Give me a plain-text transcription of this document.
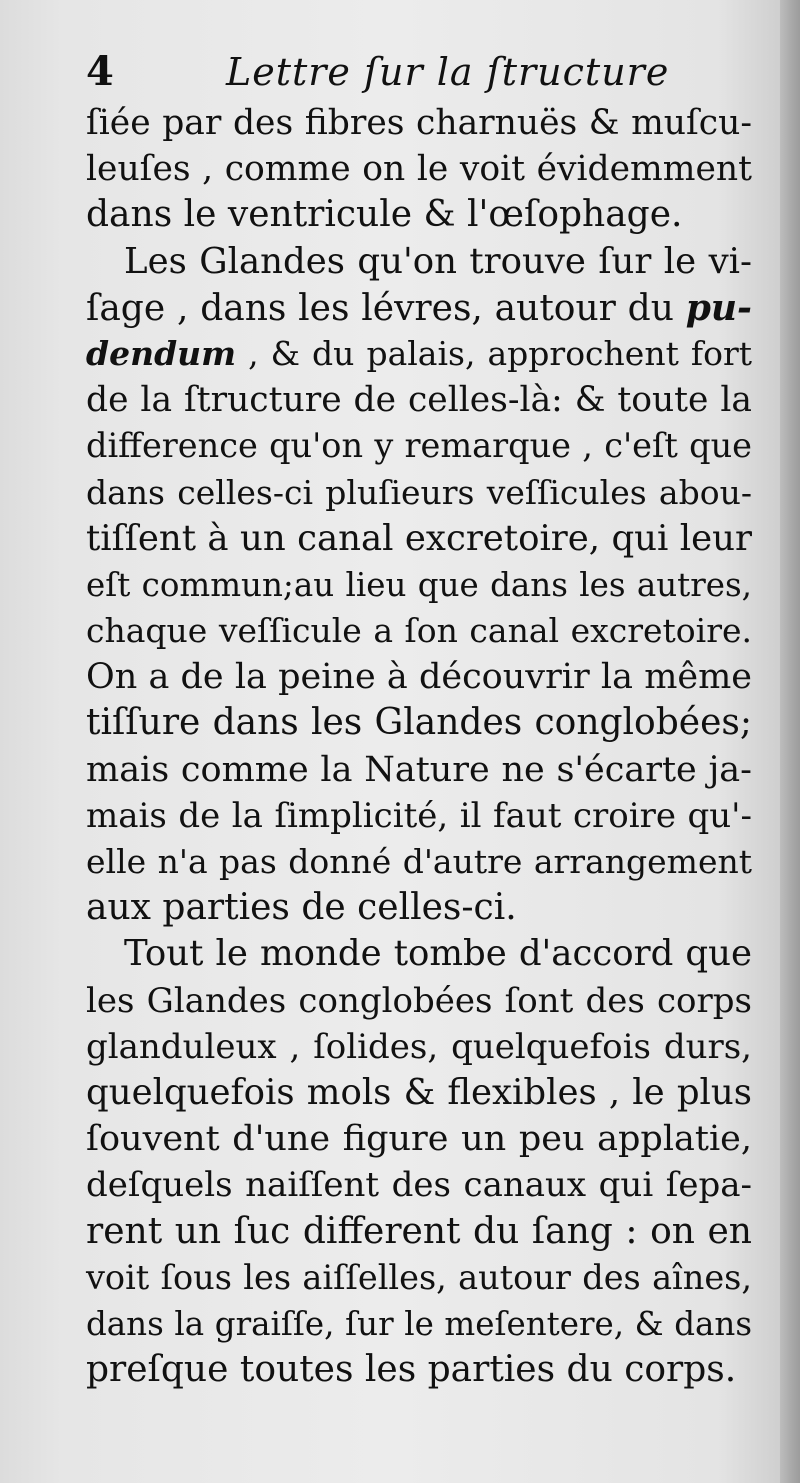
4	Lettre ſur la ſtructure
ſiée par des fibres charnuës & muſcu-
leuſes , comme on le voit évidemment
dans le ventricule & l'œſophage.
Les Glandes qu'on trouve ſur le vi-
ſage , dans les lévres, autour du pu-
dendum , & du palais, approchent fort
de la ſtructure de celles-là: & toute la
difference qu'on y remarque , c'eſt que
dans celles-ci pluſieurs veſſicules abou-
tiſſent à un canal excretoire, qui leur
eſt commun;au lieu que dans les autres,
chaque veſſicule a ſon canal excretoire.
On a de la peine à découvrir la même
tiſſure dans les Glandes conglobées;
mais comme la Nature ne s'écarte ja-
mais de la ſimplicité, il faut croire qu'-
elle n'a pas donné d'autre arrangement
aux parties de celles-ci.
Tout le monde tombe d'accord que
les Glandes conglobées ſont des corps
glanduleux , ſolides, quelquefois durs,
quelquefois mols & flexibles , le plus
ſouvent d'une figure un peu applatie,
deſquels naiſſent des canaux qui ſepa-
rent un ſuc different du ſang : on en
voit ſous les aiſſelles, autour des aînes,
dans la graiſſe, ſur le meſentere, & dans
preſque toutes les parties du corps.
